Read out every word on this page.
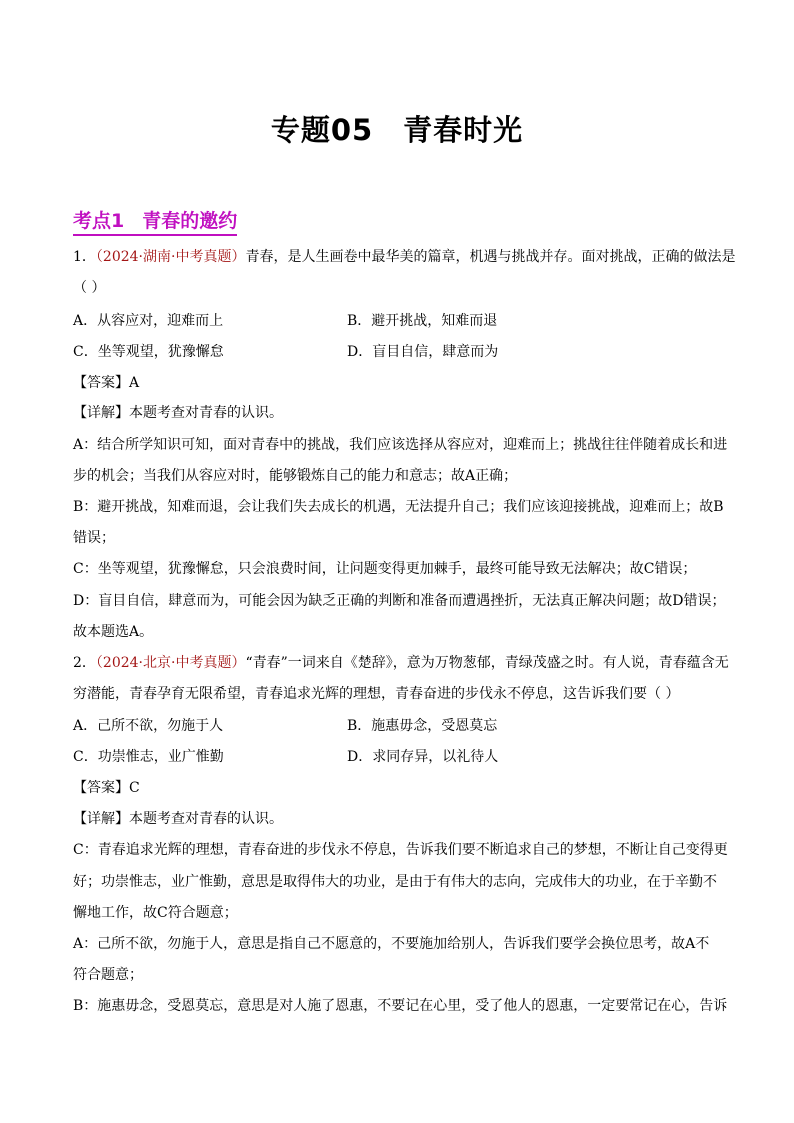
专题05 青春时光
考点1 青春的邀约
1．（2024·湖南·中考真题）青春，是人生画卷中最华美的篇章，机遇与挑战并存。面对挑战，正确的做法是
（ ）
A．从容应对，迎难而上	B．避开挑战，知难而退
C．坐等观望，犹豫懈怠	D．盲目自信，肆意而为
【答案】A
【详解】本题考查对青春的认识。
A：结合所学知识可知，面对青春中的挑战，我们应该选择从容应对，迎难而上；挑战往往伴随着成长和进
步的机会；当我们从容应对时，能够锻炼自己的能力和意志；故A正确；
B：避开挑战，知难而退，会让我们失去成长的机遇，无法提升自己；我们应该迎接挑战，迎难而上；故B
错误；
C：坐等观望，犹豫懈怠，只会浪费时间，让问题变得更加棘手，最终可能导致无法解决；故C错误；
D：盲目自信，肆意而为，可能会因为缺乏正确的判断和准备而遭遇挫折，无法真正解决问题；故D错误；
故本题选A。
2．（2024·北京·中考真题）“青春”一词来自《楚辞》，意为万物葱郁，青绿茂盛之时。有人说，青春蕴含无
穷潜能，青春孕育无限希望，青春追求光辉的理想，青春奋进的步伐永不停息，这告诉我们要（ ）
A．己所不欲，勿施于人	B．施惠毋念，受恩莫忘
C．功崇惟志，业广惟勤	D．求同存异，以礼待人
【答案】C
【详解】本题考查对青春的认识。
C：青春追求光辉的理想，青春奋进的步伐永不停息，告诉我们要不断追求自己的梦想，不断让自己变得更
好；功崇惟志，业广惟勤，意思是取得伟大的功业，是由于有伟大的志向，完成伟大的功业，在于辛勤不
懈地工作，故C符合题意；
A：己所不欲，勿施于人，意思是指自己不愿意的，不要施加给别人，告诉我们要学会换位思考，故A不
符合题意；
B：施惠毋念，受恩莫忘，意思是对人施了恩惠，不要记在心里，受了他人的恩惠，一定要常记在心，告诉
